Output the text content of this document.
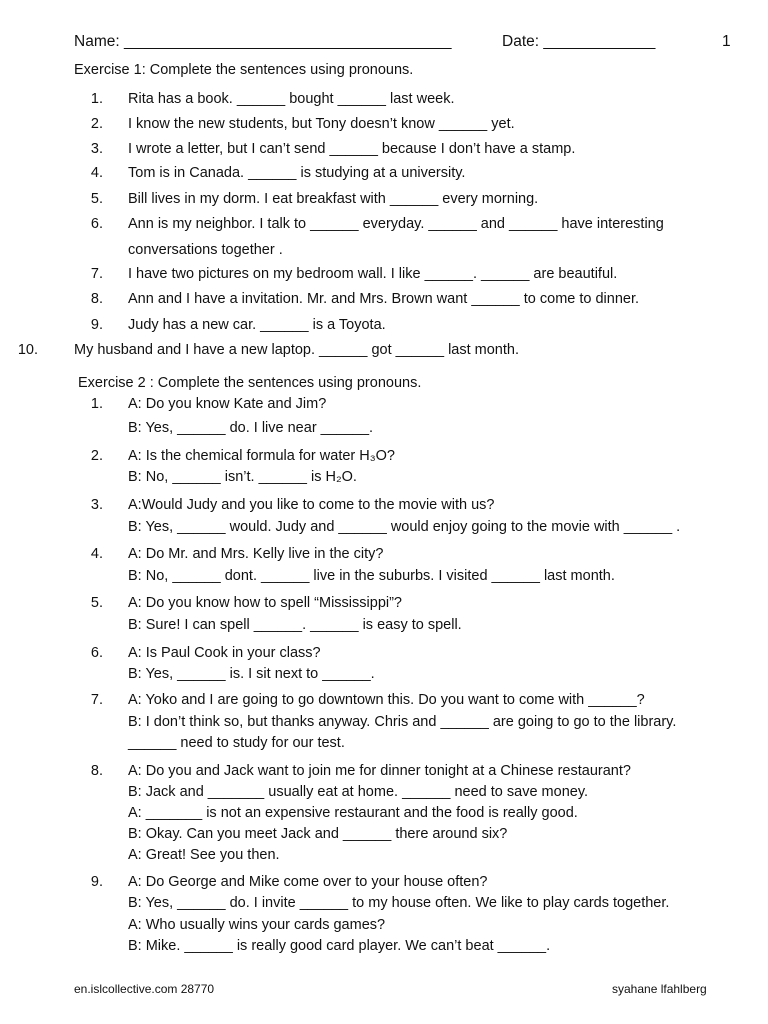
Name: ______________________________________	Date: _____________	1
Exercise 1: Complete the sentences using pronouns.
1. Rita has a book. ______ bought ______ last week.
2. I know the new students, but Tony doesn’t know ______ yet.
3. I wrote a letter, but I can’t send ______ because I don’t have a stamp.
4. Tom is in Canada. ______ is studying at a university.
5. Bill lives in my dorm. I eat breakfast with ______ every morning.
6. Ann is my neighbor. I talk to ______ everyday. ______ and ______ have interesting
conversations together .
7. I have two pictures on my bedroom wall. I like ______. ______ are beautiful.
8. Ann and I have a invitation. Mr. and Mrs. Brown want ______ to come to dinner.
9. Judy has a new car. ______ is a Toyota.
10. My husband and I have a new laptop. ______ got ______ last month.
Exercise 2 : Complete the sentences using pronouns.
1. A: Do you know Kate and Jim?
B: Yes, ______ do. I live near ______.
2. A: Is the chemical formula for water H₃O?
B: No, ______ isn’t. ______ is H₂O.
3. A:Would Judy and you like to come to the movie with us?
B: Yes, ______ would. Judy and ______ would enjoy going to the movie with ______ .
4. A: Do Mr. and Mrs. Kelly live in the city?
B: No, ______ dont. ______ live in the suburbs. I visited ______ last month.
5. A: Do you know how to spell “Mississippi”?
B: Sure! I can spell ______. ______ is easy to spell.
6. A: Is Paul Cook in your class?
B: Yes, ______ is. I sit next to ______.
7. A: Yoko and I are going to go downtown this. Do you want to come with ______?
B: I don’t think so, but thanks anyway. Chris and ______ are going to go to the library.
______ need to study for our test.
8. A: Do you and Jack want to join me for dinner tonight at a Chinese restaurant?
B: Jack and _______ usually eat at home. ______ need to save money.
A: _______ is not an expensive restaurant and the food is really good.
B: Okay. Can you meet Jack and ______ there around six?
A: Great! See you then.
9. A: Do George and Mike come over to your house often?
B: Yes, ______ do. I invite ______ to my house often. We like to play cards together.
A: Who usually wins your cards games?
B: Mike. ______ is really good card player. We can’t beat ______.
en.islcollective.com 28770	syahane lfahlberg
